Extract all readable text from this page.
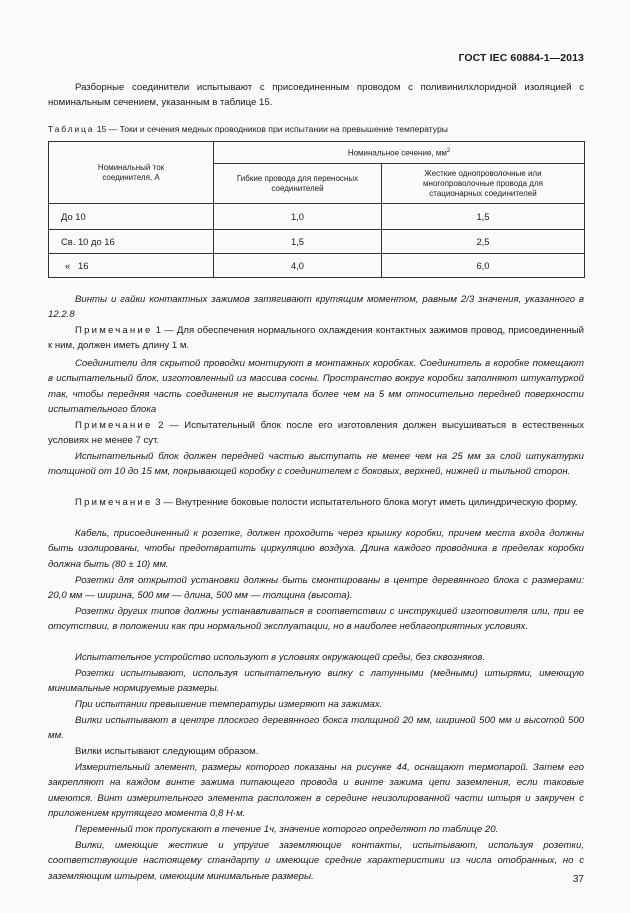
ГОСТ IEC 60884-1—2013

Разборные соединители испытывают с присоединенным проводом с поливинилхлоридной изоляцией с номинальным сечением, указанным в таблице 15.

Таблица 15 — Токи и сечения медных проводников при испытании на превышение температуры
Номинальный ток соединителя, А	Номинальное сечение, $мм^2$
	Гибкие провода для переносных соединителей	Жесткие однопроволочные или многопроволочные провода для стационарных соединителей
До 10	1,0	1,5
Св. 10 до 16	1,5	2,5
«   16	4,0	6,0

Винты и гайки контактных зажимов затягивают крутящим моментом, равным 2/3 значения, указанного в 12.2.8

Примечание 1 — Для обеспечения нормального охлаждения контактных зажимов провод, присоединенный к ним, должен иметь длину 1 м.

Соединители для скрытой проводки монтируют в монтажных коробках. Соединитель в коробке помещают в испытательный блок, изготовленный из массива сосны. Пространство вокруг коробки заполняют штукатуркой так, чтобы передняя часть соединения не выступала более чем на 5 мм относительно передней поверхности испытательного блока

Примечание 2 — Испытательный блок после его изготовления должен высушиваться в естественных условиях не менее 7 сут.

Испытательный блок должен передней частью выступать не менее чем на 25 мм за слой штукатурки толщиной от 10 до 15 мм, покрывающей коробку с соединителем с боковых, верхней, нижней и тыльной сторон.

Примечание 3 — Внутренние боковые полости испытательного блока могут иметь цилиндрическую форму.

Кабель, присоединенный к розетке, должен проходить через крышку коробки, причем места входа должны быть изолированы, чтобы предотвратить циркуляцию воздуха. Длина каждого проводника в пределах коробки должна быть (80 ± 10) мм.

Розетки для открытой установки должны быть смонтированы в центре деревянного блока с размерами: 20,0 мм — ширина, 500 мм — длина, 500 мм — толщина (высота).

Розетки других типов должны устанавливаться в соответствии с инструкцией изготовителя или, при ее отсутствии, в положении как при нормальной эксплуатации, но в наиболее неблагоприятных условиях.

Испытательное устройство используют в условиях окружающей среды, без сквозняков.

Розетки испытывают, используя испытательную вилку с латунными (медными) штырями, имеющую минимальные нормируемые размеры.

При испытании превышение температуры измеряют на зажимах.

Вилки испытывают в центре плоского деревянного бокса толщиной 20 мм, шириной 500 мм и высотой 500 мм.

Вилки испытывают следующим образом.

Измерительный элемент, размеры которого показаны на рисунке 44, оснащают термопарой. Затем его закрепляют на каждом винте зажима питающего провода и винте зажима цепи заземления, если таковые имеются. Винт измерительного элемента расположен в середине неизолированной части штыря и закручен с приложением крутящего момента 0,8 Н·м.

Переменный ток пропускают в течение 1ч, значение которого определяют по таблице 20.

Вилки, имеющие жесткие и упругие заземляющие контакты, испытывают, используя розетки, соответствующие настоящему стандарту и имеющие средние характеристики из числа отобранных, но с заземляющим штырем, имеющим минимальные размеры.	37
